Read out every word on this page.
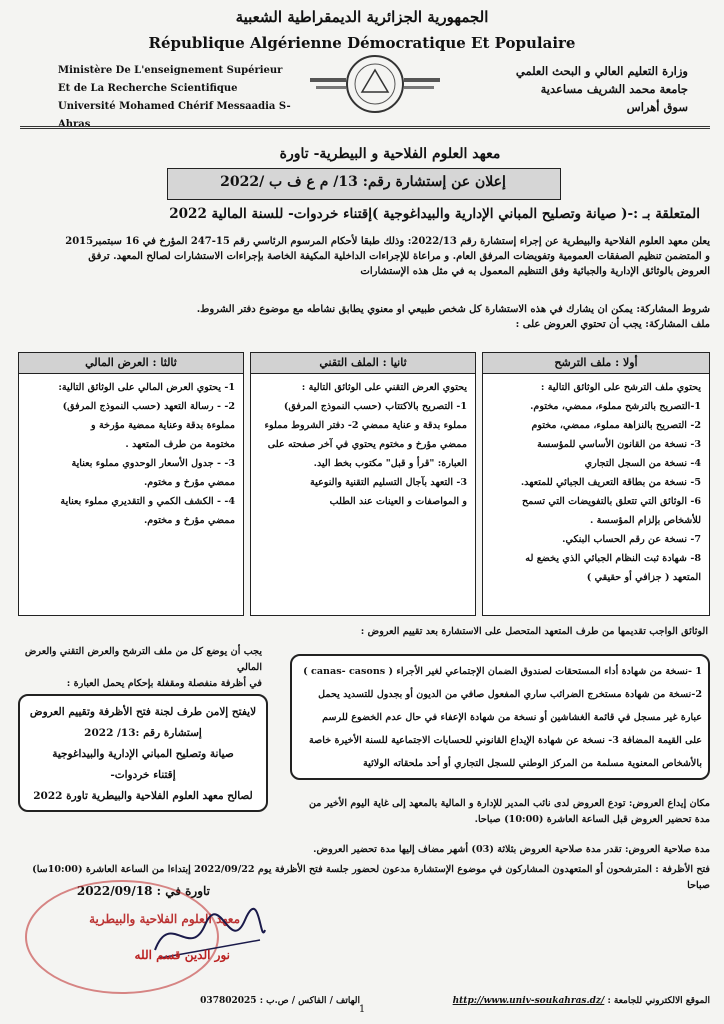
الجمهورية الجزائرية الديمقراطية الشعبية
République Algérienne Démocratique Et Populaire
Ministère De L'enseignement Supérieur
Et de La Recherche Scientifique
Université Mohamed Chérif Messaadia S-Ahras
وزارة التعليم العالي و البحث العلمي
جامعة محمد الشريف مساعدية
سوق أهراس
معهد العلوم الفلاحية و البيطرية- تاورة
إعلان عن إستشارة رقم: 13/ م ع ف ب /2022
المتعلقة بـ :-( صيانة وتصليح المباني الإدارية والبيداغوجية )إقتناء خردوات- للسنة المالية 2022
يعلن معهد العلوم الفلاحية والبيطرية عن إجراء إستشارة رقم 2022/13: وذلك طبقا لأحكام المرسوم الرئاسي رقم 15-247 المؤرخ في 16 سبتمبر2015
و المتضمن تنظيم الصفقات العمومية وتفويضات المرفق العام. و مراعاة للإجراءات الداخلية المكيفة الخاصة بإجراءات الاستشارات لصالح المعهد. ترفق
العروض بالوثائق الإدارية والجبائية وفق التنظيم المعمول به في مثل هذه الإستشارات
شروط المشاركة: يمكن ان يشارك في هذه الاستشارة كل شخص طبيعي او معنوي يطابق نشاطه مع موضوع دفتر الشروط.
ملف المشاركة: يجب أن تحتوي العروض على :
أولا : ملف الترشح
يحتوي ملف الترشح على الوثائق التالية :
1-التصريح بالترشح مملوء، ممضي، مختوم.
2- التصريح بالنزاهة مملوء، ممضي، مختوم
3- نسخة من القانون الأساسي للمؤسسة
4- نسخة من السجل التجاري
5- نسخة من بطاقة التعريف الجبائي للمتعهد.
6- الوثائق التي تتعلق بالتفويضات التي تسمح
للأشخاص بإلزام المؤسسة .
7- نسخة عن رقم الحساب البنكي.
8- شهادة ثبت النظام الجبائي الذي يخضع له
المتعهد ( جزافي أو حقيقي )
ثانيا : الملف التقني
يحتوي العرض التقني على الوثائق التالية :
1- التصريح بالاكتتاب (حسب النموذج المرفق)
مملوء بدقة و عناية ممضي 2- دفتر الشروط مملوء
ممضي مؤرخ و مختوم يحتوي في آخر صفحته على
العبارة: "قرأ و قبل" مكتوب بخط اليد.
3- التعهد بآجال التسليم التقنية والنوعية
و المواصفات و العينات عند الطلب
ثالثا : العرض المالي
1- يحتوي العرض المالي على الوثائق التالية:
2- - رسالة التعهد (حسب النموذج المرفق)
مملوءة بدقة وعناية ممضية مؤرخة و
مختومة من طرف المتعهد .
3- - جدول الأسعار الوحدوي مملوء بعناية
ممضي مؤرخ و مختوم.
4- - الكشف الكمي و التقديري مملوء بعناية
ممضي مؤرخ و مختوم.
الوثائق الواجب تقديمها من طرف المتعهد المتحصل على الاستشارة بعد تقييم العروض :
يجب أن يوضع كل من ملف الترشح والعرض التقني والعرض المالي
في أظرفة منفصلة ومقفلة بإحكام يحمل العبارة :
1 -نسخة من شهادة أداء المستحقات لصندوق الضمان الإجتماعي لغير الأجراء ( canas- casons )
2-نسخة من شهادة مستخرج الضرائب ساري المفعول صافي من الديون أو بجدول للتسديد يحمل
عبارة غير مسجل في قائمة الغشاشين أو نسخة من شهادة الإعفاء في حال عدم الخضوع للرسم
على القيمة المضافة 3- نسخة عن شهادة الإيداع القانوني للحسابات الاجتماعية للسنة الأخيرة خاصة
بالأشخاص المعنوية مسلمة من المركز الوطني للسجل التجاري أو أحد ملحقاته الولائية
لايفتح إلامن طرف لجنة فتح الأظرفة وتقييم العروض
إستشارة رقم :13/ 2022
صيانة وتصليح المباني الإدارية والبيداغوجية
إقتناء خردوات-
لصالح معهد العلوم الفلاحية والبيطرية تاورة 2022
مكان إيداع العروض: تودع العروض لدى نائب المدير للإدارة و المالية بالمعهد إلى غاية اليوم الأخير من
مدة تحضير العروض قبل الساعة العاشرة (10:00) صباحا.
مدة صلاحية العروض: تقدر مدة صلاحية العروض بثلاثة (03) أشهر مضاف إليها مدة تحضير العروض.
فتح الأظرفة : المترشحون أو المتعهدون المشاركون في موضوع الإستشارة مدعون لحضور جلسة فتح الأظرفة يوم 2022/09/22 إبتداءا من الساعة العاشرة (10:00سا) صباحا
تاورة في : 2022/09/18
معهد العلوم الفلاحية والبيطرية
نور الدين قسم الله
الموقع الالكتروني للجامعة : http://www.univ-soukahras.dz/
الهاتف / الفاكس / ص.ب : 037802025
1
